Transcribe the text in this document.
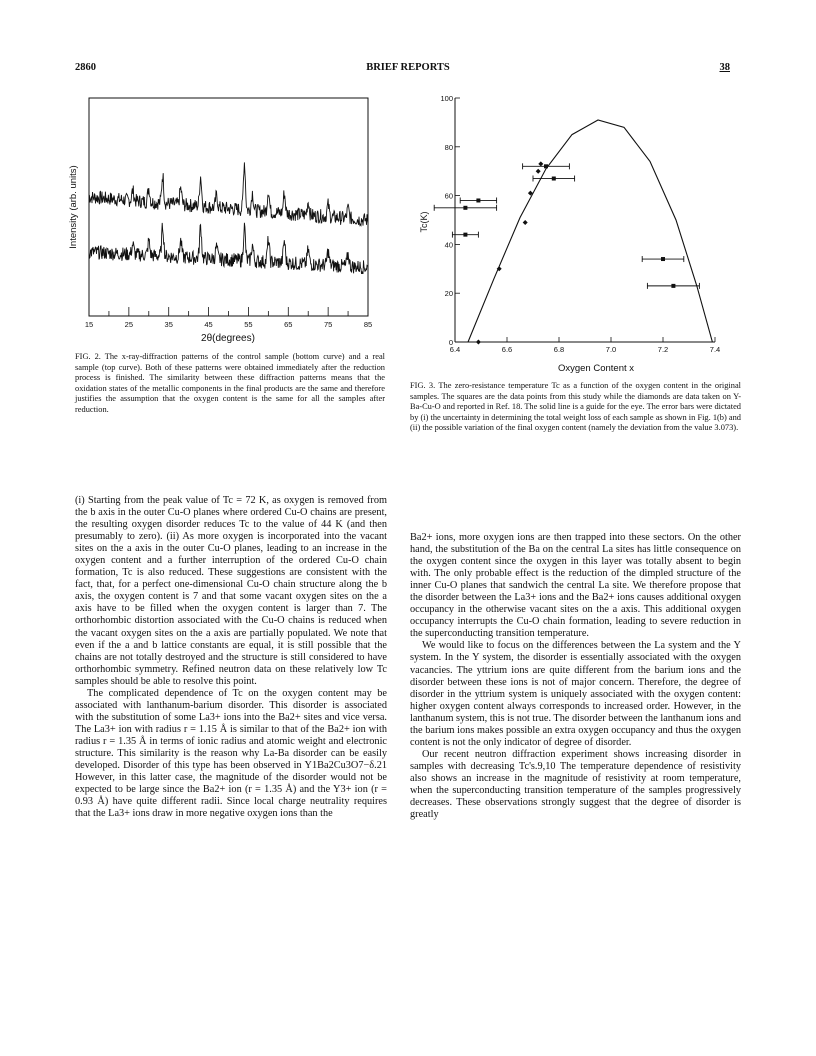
2860	BRIEF REPORTS	38
15	25	35	45	55	65	75	85
Intensity (arb. units)
2θ(degrees)
FIG. 2. The x-ray-diffraction patterns of the control sample (bottom curve) and a real sample (top curve). Both of these patterns were obtained immediately after the reduction process is finished. The similarity between these diffraction patterns means that the oxidation states of the metallic components in the final products are the same and therefore justifies the assumption that the oxygen content is the same for all the samples after reduction.
0
20
40
60
80
100
6.4	6.6	6.8	7.0	7.2	7.4
Tc(K)
Oxygen Content x
FIG. 3. The zero-resistance temperature Tc as a function of the oxygen content in the original samples. The squares are the data points from this study while the diamonds are data taken on Y-Ba-Cu-O and reported in Ref. 18. The solid line is a guide for the eye. The error bars were dictated by (i) the uncertainty in determining the total weight loss of each sample as shown in Fig. 1(b) and (ii) the possible variation of the final oxygen content (namely the deviation from the value 3.073).

(i) Starting from the peak value of Tc = 72 K, as oxygen is removed from the b axis in the outer Cu-O planes where ordered Cu-O chains are present, the resulting oxygen disorder reduces Tc to the value of 44 K (and then presumably to zero). (ii) As more oxygen is incorporated into the vacant sites on the a axis in the outer Cu-O planes, leading to an increase in the oxygen content and a further interruption of the ordered Cu-O chain formation, Tc is also reduced. These suggestions are consistent with the fact, that, for a perfect one-dimensional Cu-O chain structure along the b axis, the oxygen content is 7 and that some vacant oxygen sites on the a axis have to be filled when the oxygen content is larger than 7. The orthorhombic distortion associated with the Cu-O chains is reduced when the vacant oxygen sites on the a axis are partially populated. We note that even if the a and b lattice constants are equal, it is still possible that the chains are not totally destroyed and the structure is still considered to have orthorhombic symmetry. Refined neutron data on these relatively low Tc samples should be able to resolve this point.

The complicated dependence of Tc on the oxygen content may be associated with lanthanum-barium disorder. This disorder is associated with the substitution of some La3+ ions into the Ba2+ sites and vice versa. The La3+ ion with radius r = 1.15 Å is similar to that of the Ba2+ ion with radius r = 1.35 Å in terms of ionic radius and atomic weight and electronic structure. This similarity is the reason why La-Ba disorder can be easily developed. Disorder of this type has been observed in Y1Ba2Cu3O7−δ.21 However, in this latter case, the magnitude of the disorder would not be expected to be large since the Ba2+ ion (r = 1.35 Å) and the Y3+ ion (r = 0.93 Å) have quite different radii. Since local charge neutrality requires that the La3+ ions draw in more negative oxygen ions than the

Ba2+ ions, more oxygen ions are then trapped into these sectors. On the other hand, the substitution of the Ba on the central La sites has little consequence on the oxygen content since the oxygen in this layer was totally absent to begin with. The only probable effect is the reduction of the dimpled structure of the inner Cu-O planes that sandwich the central La site. We therefore propose that the disorder between the La3+ ions and the Ba2+ ions causes additional oxygen occupancy in the otherwise vacant sites on the a axis. This additional oxygen occupancy interrupts the Cu-O chain formation, leading to severe reduction in the superconducting transition temperature.

We would like to focus on the differences between the La system and the Y system. In the Y system, the disorder is essentially associated with the oxygen vacancies. The yttrium ions are quite different from the barium ions and the disorder between these ions is not of major concern. Therefore, the degree of disorder in the yttrium system is uniquely associated with the oxygen content: higher oxygen content always corresponds to increased order. However, in the lanthanum system, this is not true. The disorder between the lanthanum ions and the barium ions makes possible an extra oxygen occupancy and thus the oxygen content is not the only indicator of degree of disorder.

Our recent neutron diffraction experiment shows increasing disorder in samples with decreasing Tc's.9,10 The temperature dependence of resistivity also shows an increase in the magnitude of resistivity at room temperature, when the superconducting transition temperature of the samples progressively decreases. These observations strongly suggest that the degree of disorder is greatly
